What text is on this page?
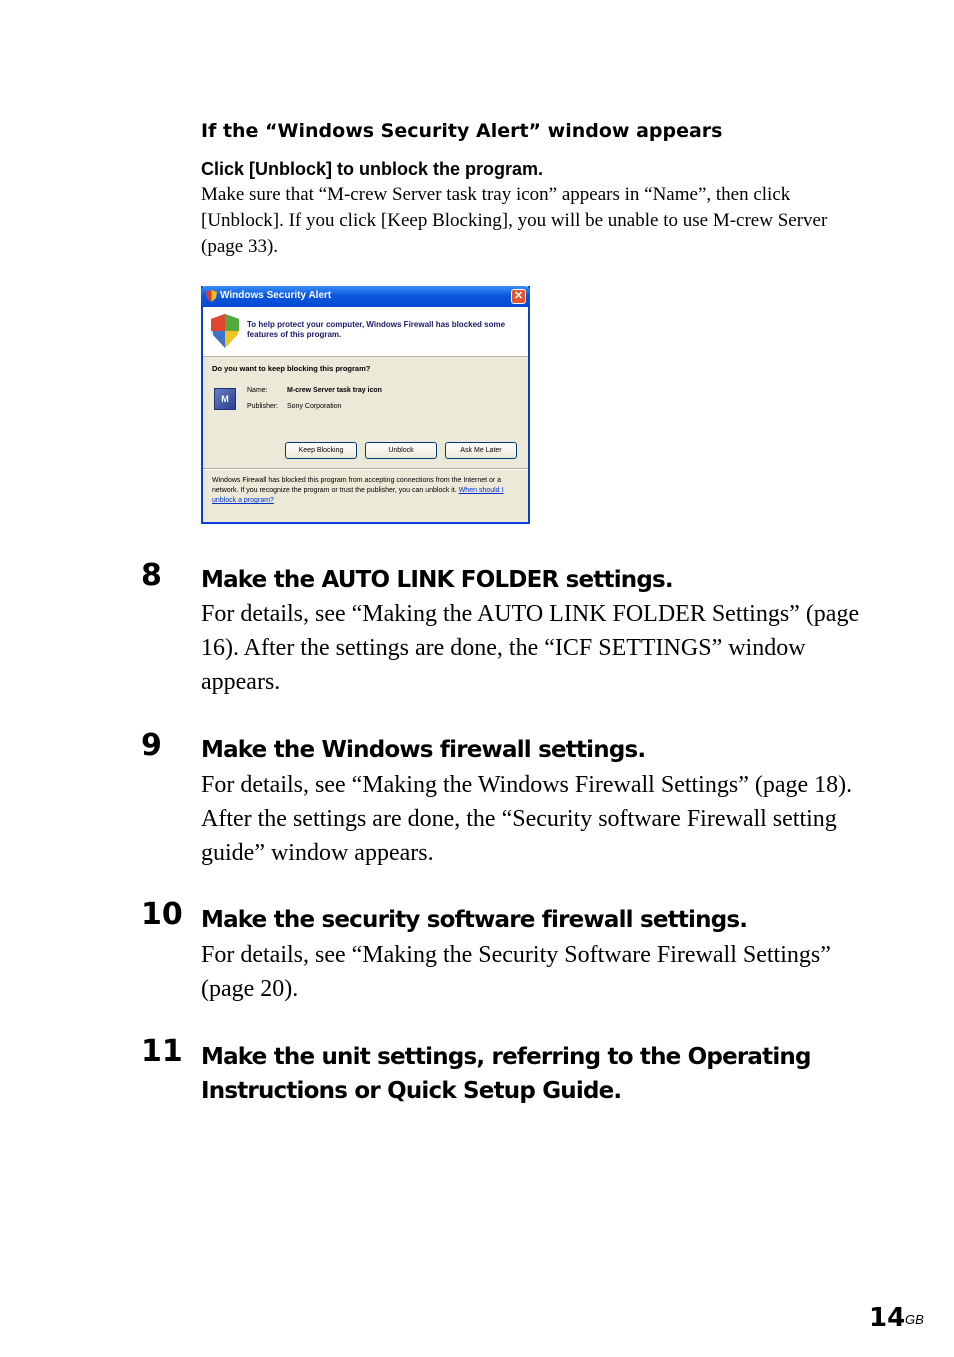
If the “Windows Security Alert” window appears
Click [Unblock] to unblock the program.
Make sure that “M-crew Server task tray icon” appears in “Name”, then click [Unblock]. If you click [Keep Blocking], you will be unable to use M-crew Server (page 33).
Windows Security Alert	✕
To help protect your computer, Windows Firewall has blocked some features of this program.
Do you want to keep blocking this program?
M
Name:	M-crew Server task tray icon
Publisher: Sony Corporation
Keep Blocking	Unblock	Ask Me Later
Windows Firewall has blocked this program from accepting connections from the Internet or a network. If you recognize the program or trust the publisher, you can unblock it. When should I unblock a program?
8 Make the AUTO LINK FOLDER settings.
For details, see “Making the AUTO LINK FOLDER Settings” (page 16). After the settings are done, the “ICF SETTINGS” window appears.
9 Make the Windows firewall settings.
For details, see “Making the Windows Firewall Settings” (page 18). After the settings are done, the “Security software Firewall setting guide” window appears.
10 Make the security software firewall settings.
For details, see “Making the Security Software Firewall Settings” (page 20).
11 Make the unit settings, referring to the Operating
Instructions or Quick Setup Guide.
14 GB
